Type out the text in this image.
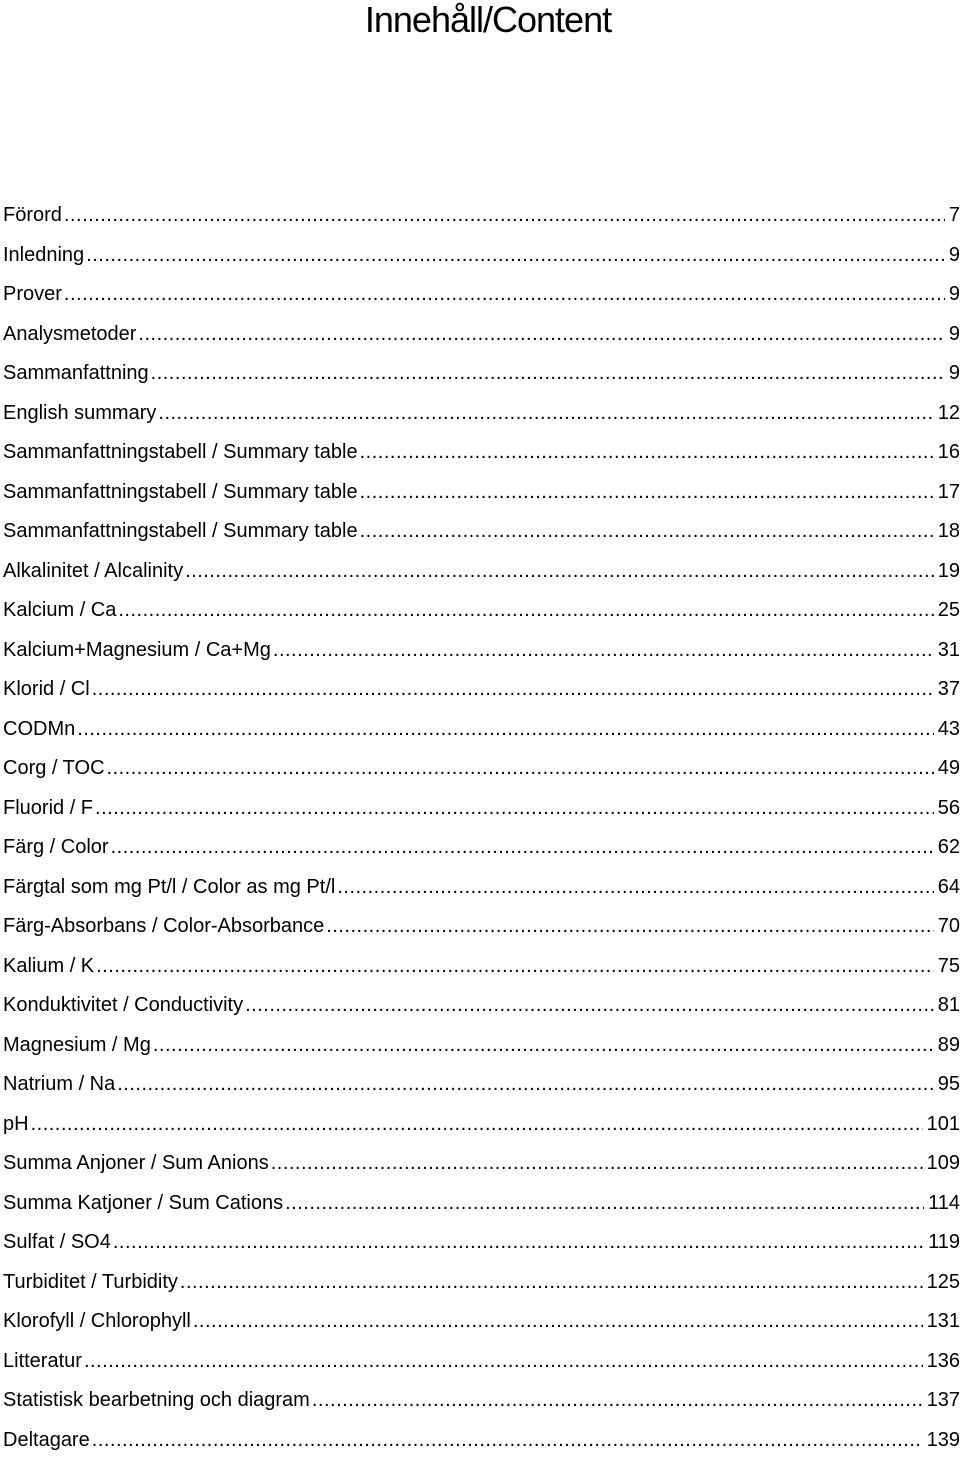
Innehåll/Content
Förord .....	7
Inledning .....	9
Prover .....	9
Analysmetoder .....	9
Sammanfattning .....	9
English summary .....	12
Sammanfattningstabell / Summary table .....	16
Sammanfattningstabell / Summary table .....	17
Sammanfattningstabell / Summary table .....	18
Alkalinitet / Alcalinity .....	19
Kalcium / Ca .....	25
Kalcium+Magnesium / Ca+Mg .....	31
Klorid / Cl .....	37
CODMn .....	43
Corg / TOC .....	49
Fluorid / F .....	56
Färg / Color .....	62
Färgtal som mg Pt/l / Color as mg Pt/l .....	64
Färg-Absorbans / Color-Absorbance .....	70
Kalium / K .....	75
Konduktivitet / Conductivity .....	81
Magnesium / Mg .....	89
Natrium / Na .....	95
pH .....	101
Summa Anjoner / Sum Anions .....	109
Summa Katjoner / Sum Cations .....	114
Sulfat / SO4 .....	119
Turbiditet / Turbidity .....	125
Klorofyll / Chlorophyll .....	131
Litteratur .....	136
Statistisk bearbetning och diagram .....	137
Deltagare .....	139
